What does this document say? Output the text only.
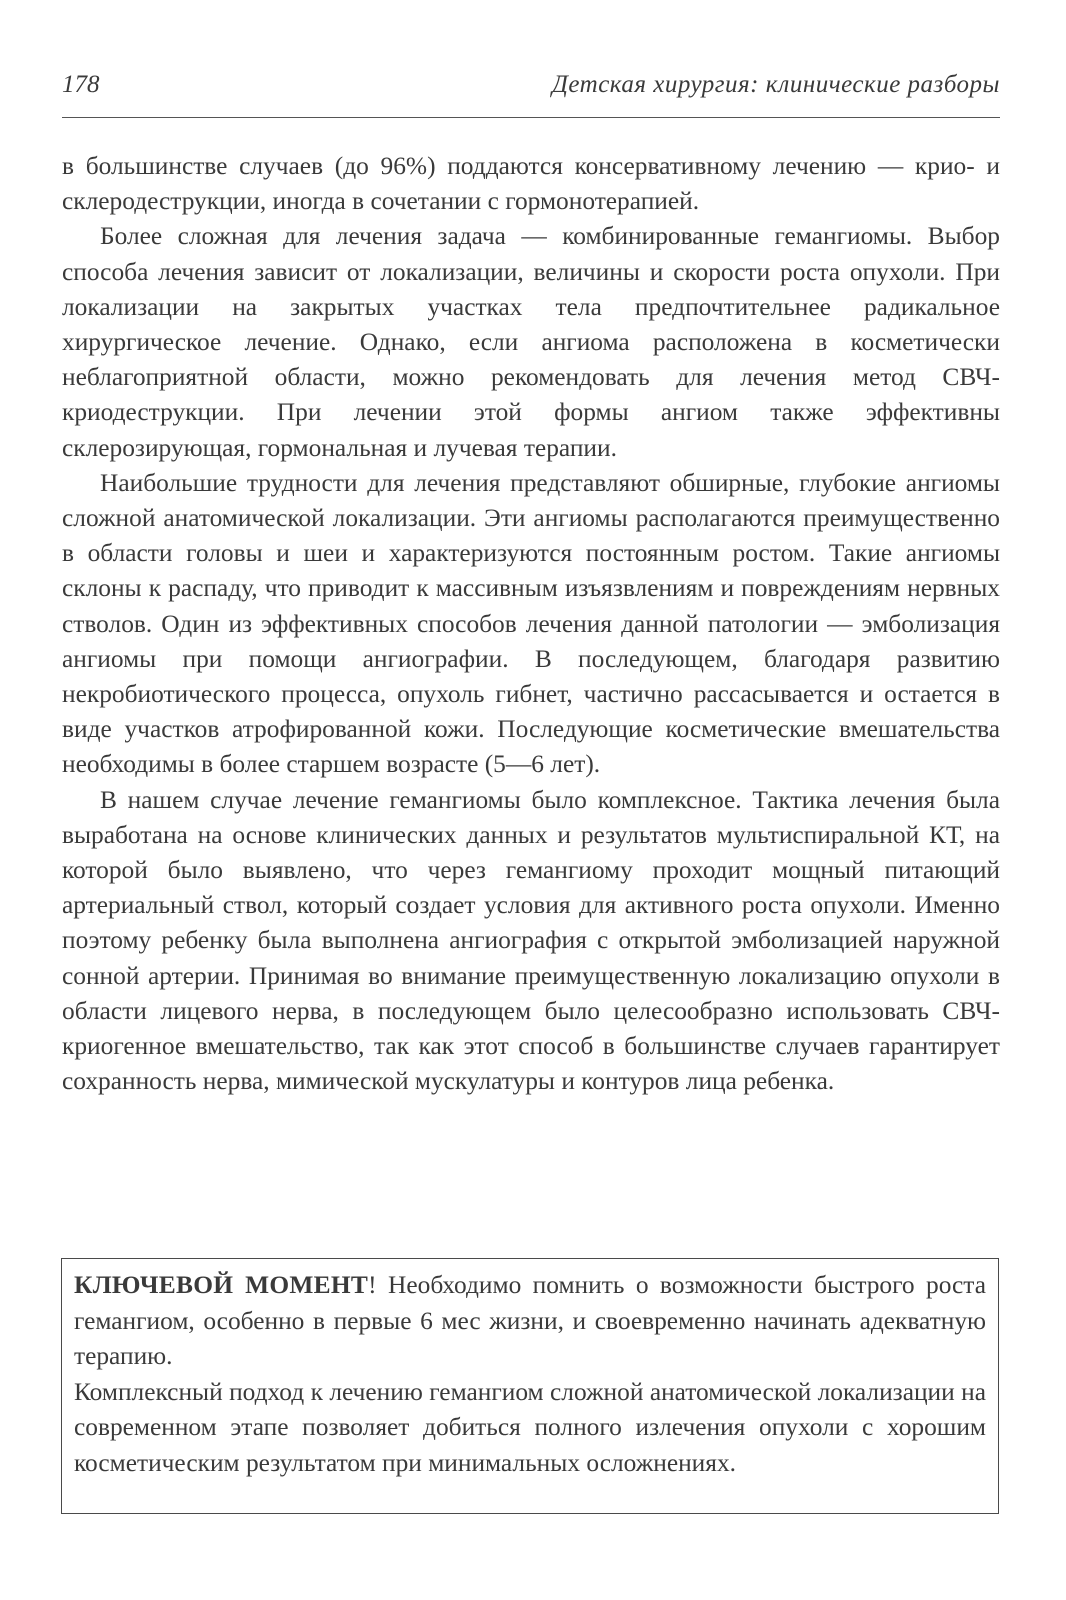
178	Детская хирургия: клинические разборы

в большинстве случаев (до 96%) поддаются консервативному лечению — крио- и склеродеструкции, иногда в сочетании с гормонотерапией.

Более сложная для лечения задача — комбинированные гемангиомы. Выбор способа лечения зависит от локализации, величины и скорости роста опухоли. При локализации на закрытых участках тела предпочтительнее радикальное хирургическое лечение. Однако, если ангиома расположена в косметически неблагоприятной области, можно рекомендовать для лечения метод СВЧ-криодеструкции. При лечении этой формы ангиом также эффективны склерозирующая, гормональная и лучевая терапии.

Наибольшие трудности для лечения представляют обширные, глубокие ангиомы сложной анатомической локализации. Эти ангиомы располагаются преимущественно в области головы и шеи и характеризуются постоянным ростом. Такие ангиомы склоны к распаду, что приводит к массивным изъязвлениям и повреждениям нервных стволов. Один из эффективных способов лечения данной патологии — эмболизация ангиомы при помощи ангиографии. В последующем, благодаря развитию некробиотического процесса, опухоль гибнет, частично рассасывается и остается в виде участков атрофированной кожи. Последующие косметические вмешательства необходимы в более старшем возрасте (5—6 лет).

В нашем случае лечение гемангиомы было комплексное. Тактика лечения была выработана на основе клинических данных и результатов мультиспиральной КТ, на которой было выявлено, что через гемангиому проходит мощный питающий артериальный ствол, который создает условия для активного роста опухоли. Именно поэтому ребенку была выполнена ангиография с открытой эмболизацией наружной сонной артерии. Принимая во внимание преимущественную локализацию опухоли в области лицевого нерва, в последующем было целесообразно использовать СВЧ-криогенное вмешательство, так как этот способ в большинстве случаев гарантирует сохранность нерва, мимической мускулатуры и контуров лица ребенка.

КЛЮЧЕВОЙ МОМЕНТ! Необходимо помнить о возможности быстрого роста гемангиом, особенно в первые 6 мес жизни, и своевременно начинать адекватную терапию.

Комплексный подход к лечению гемангиом сложной анатомической локализации на современном этапе позволяет добиться полного излечения опухоли с хорошим косметическим результатом при минимальных осложнениях.
